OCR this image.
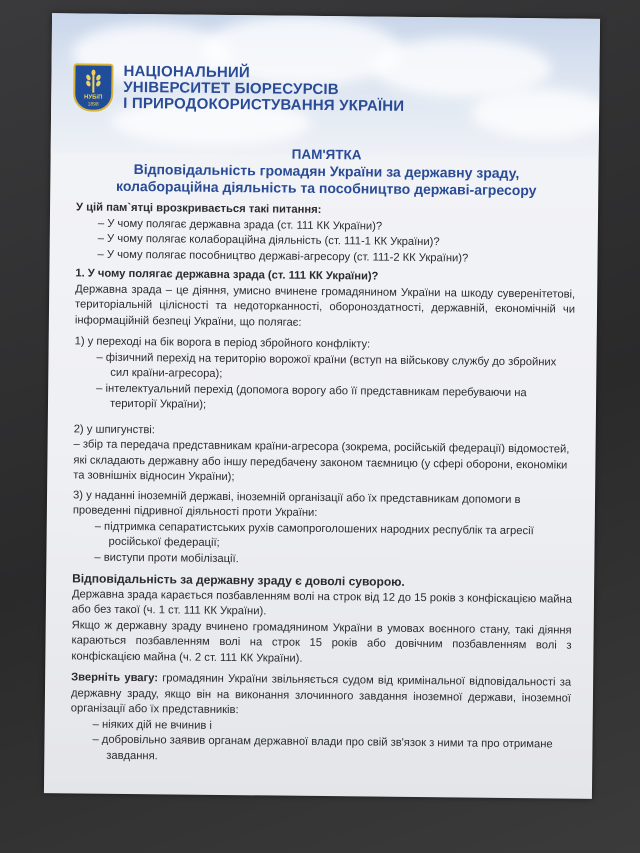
НУБіП
1898
НАЦІОНАЛЬНИЙ
УНІВЕРСИТЕТ БІОРЕСУРСІВ
І ПРИРОДОКОРИСТУВАННЯ УКРАЇНИ
ПАМ'ЯТКА
Відповідальність громадян України за державну зраду,
колабораційна діяльність та пособництво державі-агресору

У цій пам`ятці врозкривається такі питання:

– У чому полягає державна зрада (ст. 111 КК України)?

– У чому полягає колабораційна діяльність (ст. 111-1 КК України)?

– У чому полягає пособництво державі-агресору (ст. 111-2 КК України)?

1. У чому полягає державна зрада (ст. 111 КК України)?

Державна зрада – це діяння, умисно вчинене громадянином України на шкоду суверенітетові, територіальній цілісності та недоторканності, обороноздатності, державній, економічній чи інформаційній безпеці України, що полягає:

1) у переході на бік ворога в період збройного конфлікту:

– фізичний перехід на територію ворожої країни (вступ на військову службу до збройних сил країни-агресора);

– інтелектуальний перехід (допомога ворогу або її представникам перебуваючи на території України);

2) у шпигунстві:

– збір та передача представникам країни-агресора (зокрема, російській федерації) відомостей, які складають державну або іншу передбачену законом таємницю (у сфері оборони, економіки та зовнішніх відносин України);

3) у наданні іноземній державі, іноземній організації або їх представникам допомоги в проведенні підривної діяльності проти України:

– підтримка сепаратистських рухів самопроголошених народних республік та агресії російської федерації;

– виступи проти мобілізації.

Відповідальність за державну зраду є доволі суворою.

Державна зрада карається позбавленням волі на строк від 12 до 15 років з конфіскацією майна або без такої (ч. 1 ст. 111 КК України).

Якщо ж державну зраду вчинено громадянином України в умовах воєнного стану, такі діяння караються позбавленням волі на строк 15 років або довічним позбавленням волі з конфіскацією майна (ч. 2 ст. 111 КК України).

Зверніть увагу: громадянин України звільняється судом від кримінальної відповідальності за державну зраду, якщо він на виконання злочинного завдання іноземної держави, іноземної організації або їх представників:

– ніяких дій не вчинив і

– добровільно заявив органам державної влади про свій зв'язок з ними та про отримане завдання.
